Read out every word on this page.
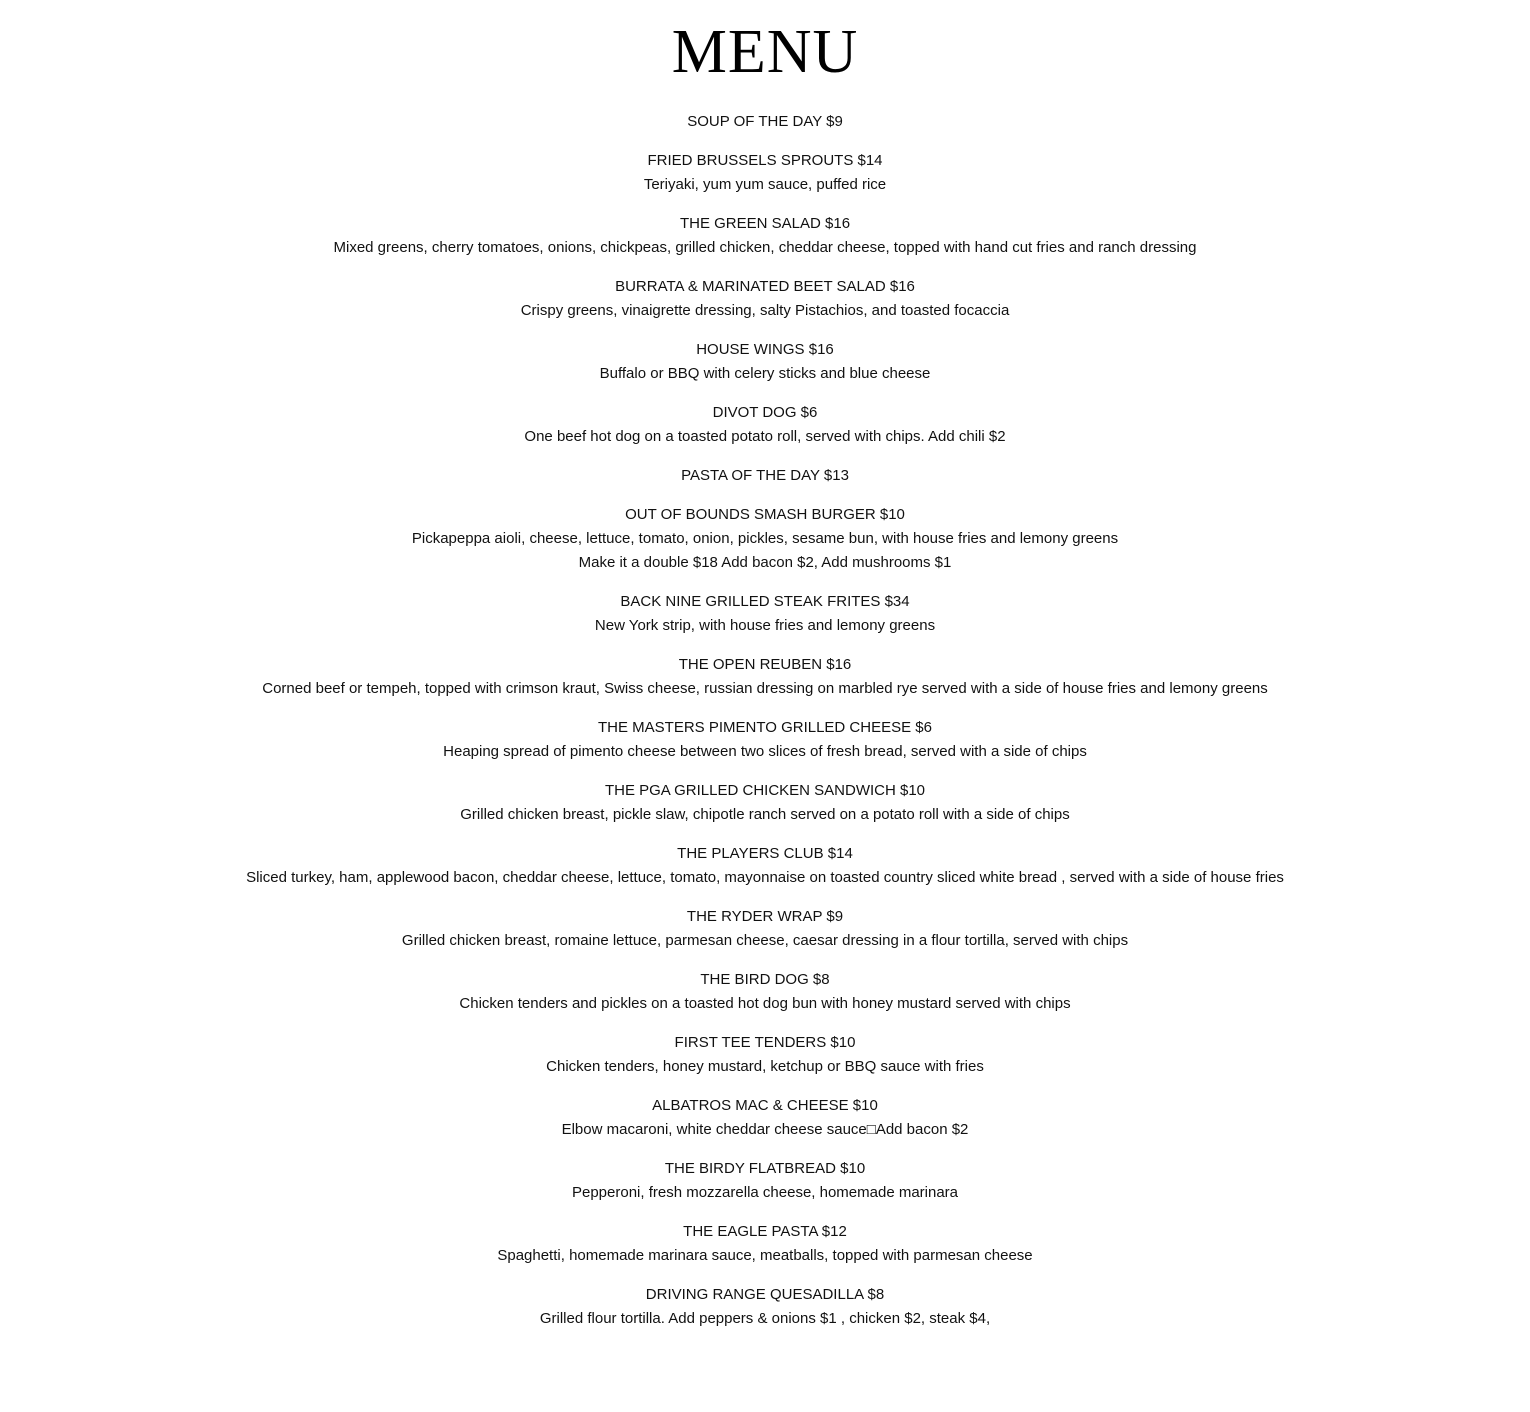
MENU
SOUP OF THE DAY $9
FRIED BRUSSELS SPROUTS $14
Teriyaki, yum yum sauce, puffed rice
THE GREEN SALAD $16
Mixed greens, cherry tomatoes, onions, chickpeas, grilled chicken, cheddar cheese, topped with hand cut fries and ranch dressing
BURRATA & MARINATED BEET SALAD $16
Crispy greens, vinaigrette dressing, salty Pistachios, and toasted focaccia
HOUSE WINGS $16
Buffalo or BBQ with celery sticks and blue cheese
DIVOT DOG $6
One beef hot dog on a toasted potato roll, served with chips. Add chili $2
PASTA OF THE DAY $13
OUT OF BOUNDS SMASH BURGER $10
Pickapeppa aioli, cheese, lettuce, tomato, onion, pickles, sesame bun, with house fries and lemony greens
Make it a double $18 Add bacon $2, Add mushrooms $1
BACK NINE GRILLED STEAK FRITES $34
New York strip, with house fries and lemony greens
THE OPEN REUBEN $16
Corned beef or tempeh, topped with crimson kraut, Swiss cheese, russian dressing on marbled rye served with a side of house fries and lemony greens
THE MASTERS PIMENTO GRILLED CHEESE $6
Heaping spread of pimento cheese between two slices of fresh bread, served with a side of chips
THE PGA GRILLED CHICKEN SANDWICH $10
Grilled chicken breast, pickle slaw, chipotle ranch served on a potato roll with a side of chips
THE PLAYERS CLUB $14
Sliced turkey, ham, applewood bacon, cheddar cheese, lettuce, tomato, mayonnaise on toasted country sliced white bread , served with a side of house fries
THE RYDER WRAP $9
Grilled chicken breast, romaine lettuce, parmesan cheese, caesar dressing in a flour tortilla, served with chips
THE BIRD DOG $8
Chicken tenders and pickles on a toasted hot dog bun with honey mustard served with chips
FIRST TEE TENDERS $10
Chicken tenders, honey mustard, ketchup or BBQ sauce with fries
ALBATROS MAC & CHEESE $10
Elbow macaroni, white cheddar cheese sauce□Add bacon $2
THE BIRDY FLATBREAD $10
Pepperoni, fresh mozzarella cheese, homemade marinara
THE EAGLE PASTA $12
Spaghetti, homemade marinara sauce, meatballs, topped with parmesan cheese
DRIVING RANGE QUESADILLA $8
Grilled flour tortilla. Add peppers & onions $1 , chicken $2, steak $4,
